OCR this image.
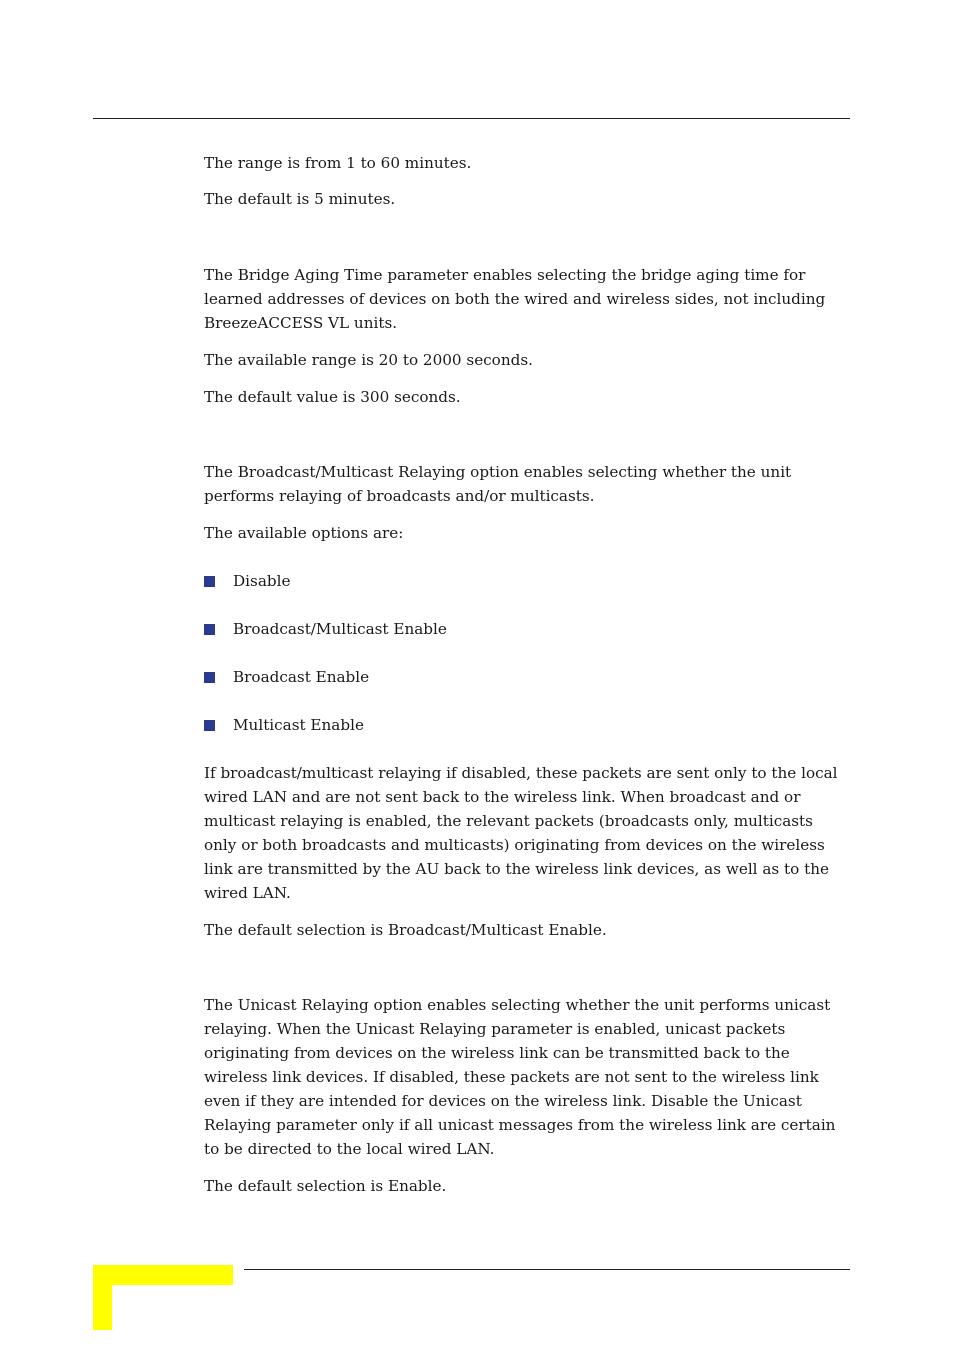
The range is from 1 to 60 minutes.

The default is 5 minutes.

The Bridge Aging Time parameter enables selecting the bridge aging time for learned addresses of devices on both the wired and wireless sides, not including BreezeACCESS VL units.

The available range is 20 to 2000 seconds.

The default value is 300 seconds.

The Broadcast/Multicast Relaying option enables selecting whether the unit performs relaying of broadcasts and/or multicasts.

The available options are:

Disable
Broadcast/Multicast Enable
Broadcast Enable
Multicast Enable

If broadcast/multicast relaying if disabled, these packets are sent only to the local wired LAN and are not sent back to the wireless link. When broadcast and or multicast relaying is enabled, the relevant packets (broadcasts only, multicasts only or both broadcasts and multicasts) originating from devices on the wireless link are transmitted by the AU back to the wireless link devices, as well as to the wired LAN.

The default selection is Broadcast/Multicast Enable.

The Unicast Relaying option enables selecting whether the unit performs unicast relaying. When the Unicast Relaying parameter is enabled, unicast packets originating from devices on the wireless link can be transmitted back to the wireless link devices. If disabled, these packets are not sent to the wireless link even if they are intended for devices on the wireless link. Disable the Unicast Relaying parameter only if all unicast messages from the wireless link are certain to be directed to the local wired LAN.

The default selection is Enable.
